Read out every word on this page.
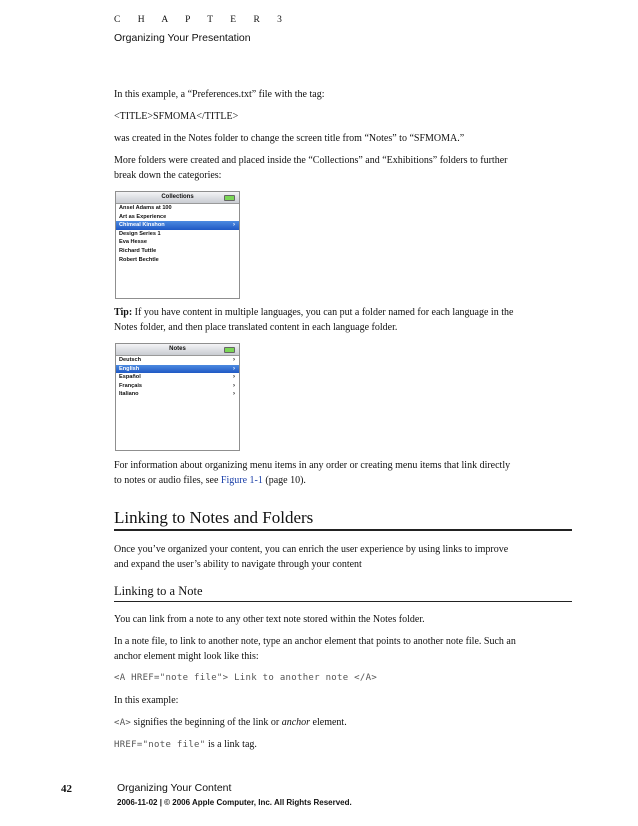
C H A P T E R 3
Organizing Your Presentation
In this example, a “Preferences.txt” file with the tag:
<TITLE>SFMOMA</TITLE>
was created in the Notes folder to change the screen title from “Notes” to “SFMOMA.”
More folders were created and placed inside the “Collections” and “Exhibitions” folders to further
break down the categories:
Collections
Ansel Adams at 100
Art as Experience
Chimeal Kinshon	›
Design Series 1
Eva Hesse
Richard Tuttle
Robert Bechtle
Tip: If you have content in multiple languages, you can put a folder named for each language in the
Notes folder, and then place translated content in each language folder.
Notes
Deutsch	›
English	›
Español	›
Français	›
Italiano	›
For information about organizing menu items in any order or creating menu items that link directly
to notes or audio files, see Figure 1-1 (page 10).
Linking to Notes and Folders
Once you’ve organized your content, you can enrich the user experience by using links to improve
and expand the user’s ability to navigate through your content
Linking to a Note
You can link from a note to any other text note stored within the Notes folder.
In a note file, to link to another note, type an anchor element that points to another note file. Such an
anchor element might look like this:
<A HREF="note file"> Link to another note </A>
In this example:
<A> signifies the beginning of the link or anchor element.
HREF="note file" is a link tag.
42	Organizing Your Content
2006-11-02 | © 2006 Apple Computer, Inc. All Rights Reserved.
